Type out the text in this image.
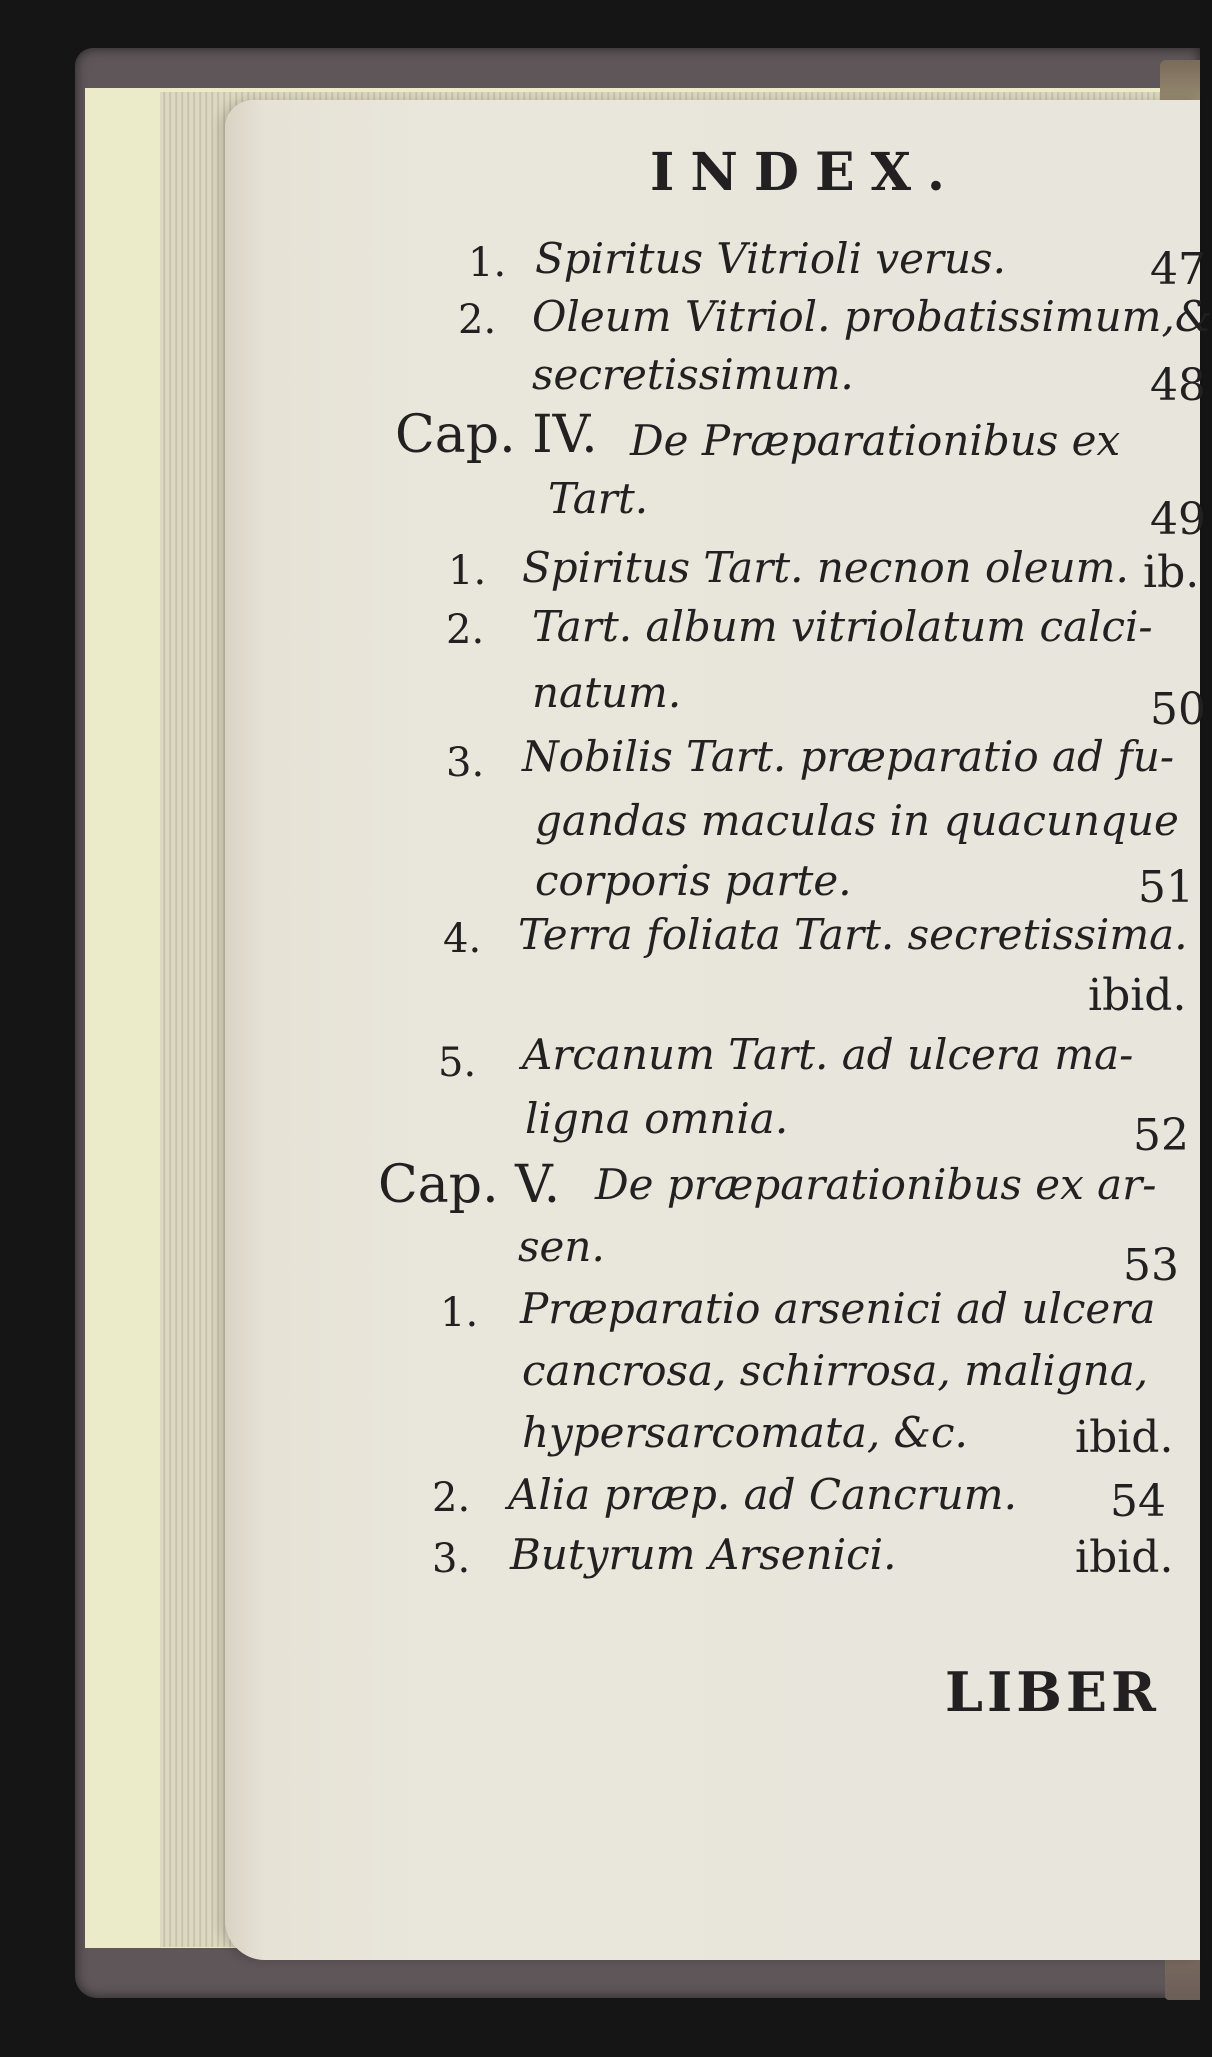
INDEX.
1. Spiritus Vitrioli verus.	47
2. Oleum Vitriol. probatissimum,&
secretissimum.	48
Cap. IV. De Præparationibus ex
Tart.	49
1. Spiritus Tart. necnon oleum. ib.
2. Tart. album vitriolatum calci-
natum.	50
3. Nobilis Tart. præparatio ad fu-
gandas maculas in quacunque
corporis parte.	51
4. Terra foliata Tart. secretissima.
ibid.
5. Arcanum Tart. ad ulcera ma-
ligna omnia.	52
Cap. V. De præparationibus ex ar-
sen.	53
1. Præparatio arsenici ad ulcera
cancrosa, schirrosa, maligna,
hypersarcomata, &c. ibid.
2. Alia præp. ad Cancrum. 54
3. Butyrum Arsenici.	ibid.
LIBER
